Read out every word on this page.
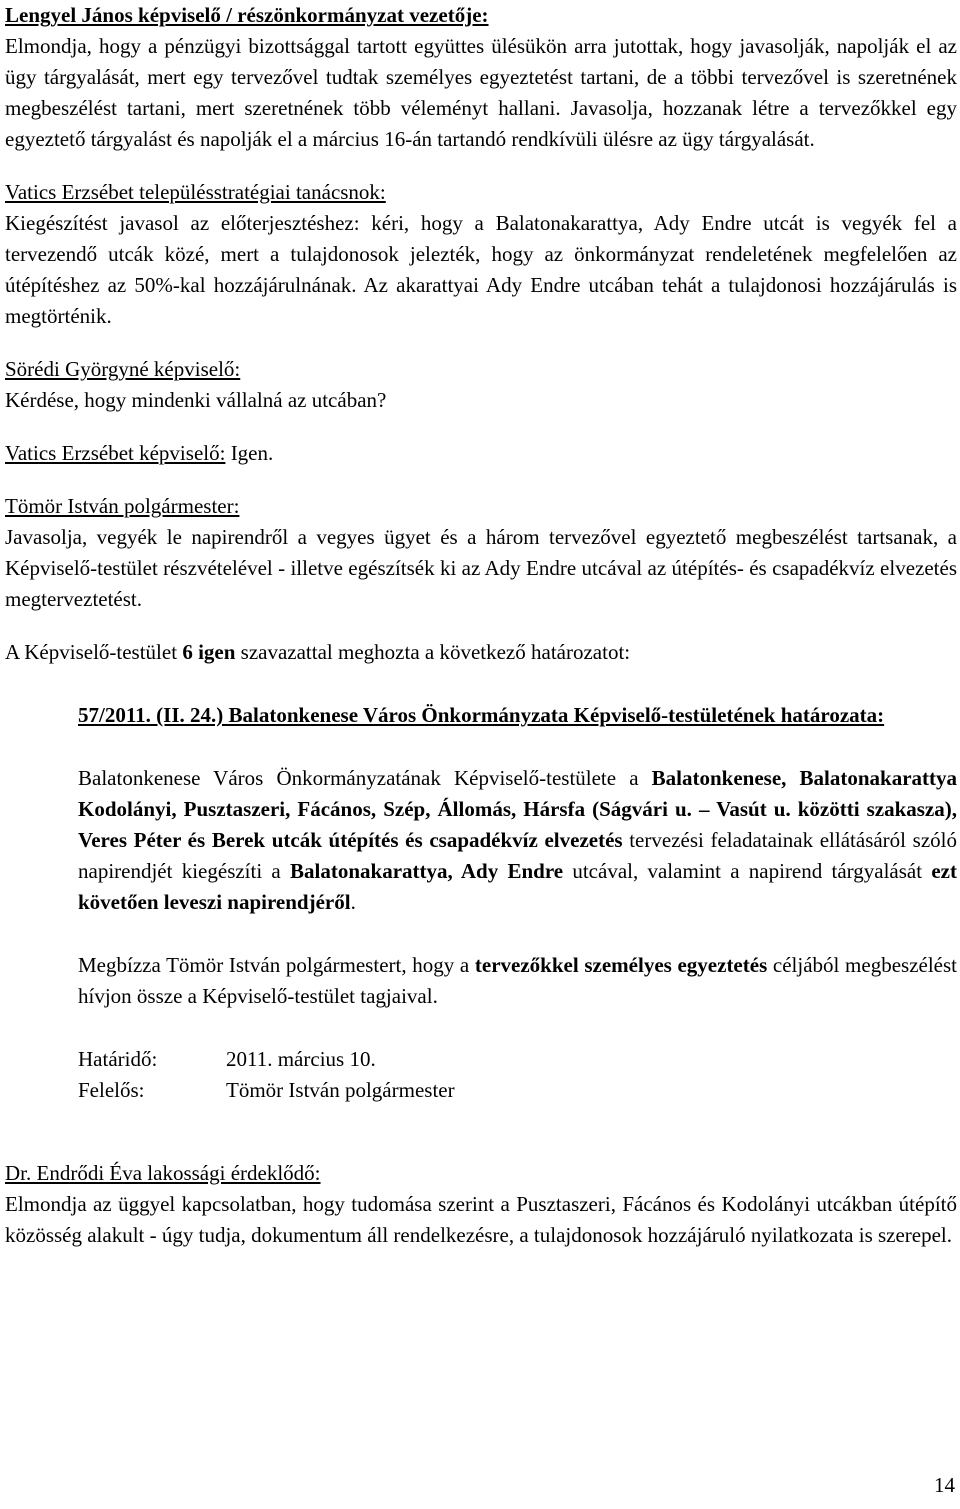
Lengyel János képviselő / részönkormányzat vezetője:

Elmondja, hogy a pénzügyi bizottsággal tartott együttes ülésükön arra jutottak, hogy javasolják, napolják el az ügy tárgyalását, mert egy tervezővel tudtak személyes egyeztetést tartani, de a többi tervezővel is szeretnének megbeszélést tartani, mert szeretnének több véleményt hallani. Javasolja, hozzanak létre a tervezőkkel egy egyeztető tárgyalást és napolják el a március 16-án tartandó rendkívüli ülésre az ügy tárgyalását.

Vatics Erzsébet településstratégiai tanácsnok:

Kiegészítést javasol az előterjesztéshez: kéri, hogy a Balatonakarattya, Ady Endre utcát is vegyék fel a tervezendő utcák közé, mert a tulajdonosok jelezték, hogy az önkormányzat rendeletének megfelelően az útépítéshez az 50%-kal hozzájárulnának. Az akarattyai Ady Endre utcában tehát a tulajdonosi hozzájárulás is megtörténik.

Sörédi Györgyné képviselő:

Kérdése, hogy mindenki vállalná az utcában?

Vatics Erzsébet képviselő: Igen.

Tömör István polgármester:

Javasolja, vegyék le napirendről a vegyes ügyet és a három tervezővel egyeztető megbeszélést tartsanak, a Képviselő-testület részvételével - illetve egészítsék ki az Ady Endre utcával az útépítés- és csapadékvíz elvezetés megterveztetést.

A Képviselő-testület 6 igen szavazattal meghozta a következő határozatot:

57/2011. (II. 24.) Balatonkenese Város Önkormányzata Képviselő-testületének határozata:

Balatonkenese Város Önkormányzatának Képviselő-testülete a Balatonkenese, Balatonakarattya Kodolányi, Pusztaszeri, Fácános, Szép, Állomás, Hársfa (Ságvári u. – Vasút u. közötti szakasza), Veres Péter és Berek utcák útépítés és csapadékvíz elvezetés tervezési feladatainak ellátásáról szóló napirendjét kiegészíti a Balatonakarattya, Ady Endre utcával, valamint a napirend tárgyalását ezt követően leveszi napirendjéről.

Megbízza Tömör István polgármestert, hogy a tervezőkkel személyes egyeztetés céljából megbeszélést hívjon össze a Képviselő-testület tagjaival.

Határidő:	2011. március 10.
Felelős:	Tömör István polgármester
Dr. Endrődi Éva lakossági érdeklődő:

Elmondja az üggyel kapcsolatban, hogy tudomása szerint a Pusztaszeri, Fácános és Kodolányi utcákban útépítő közösség alakult - úgy tudja, dokumentum áll rendelkezésre, a tulajdonosok hozzájáruló nyilatkozata is szerepel.

14
